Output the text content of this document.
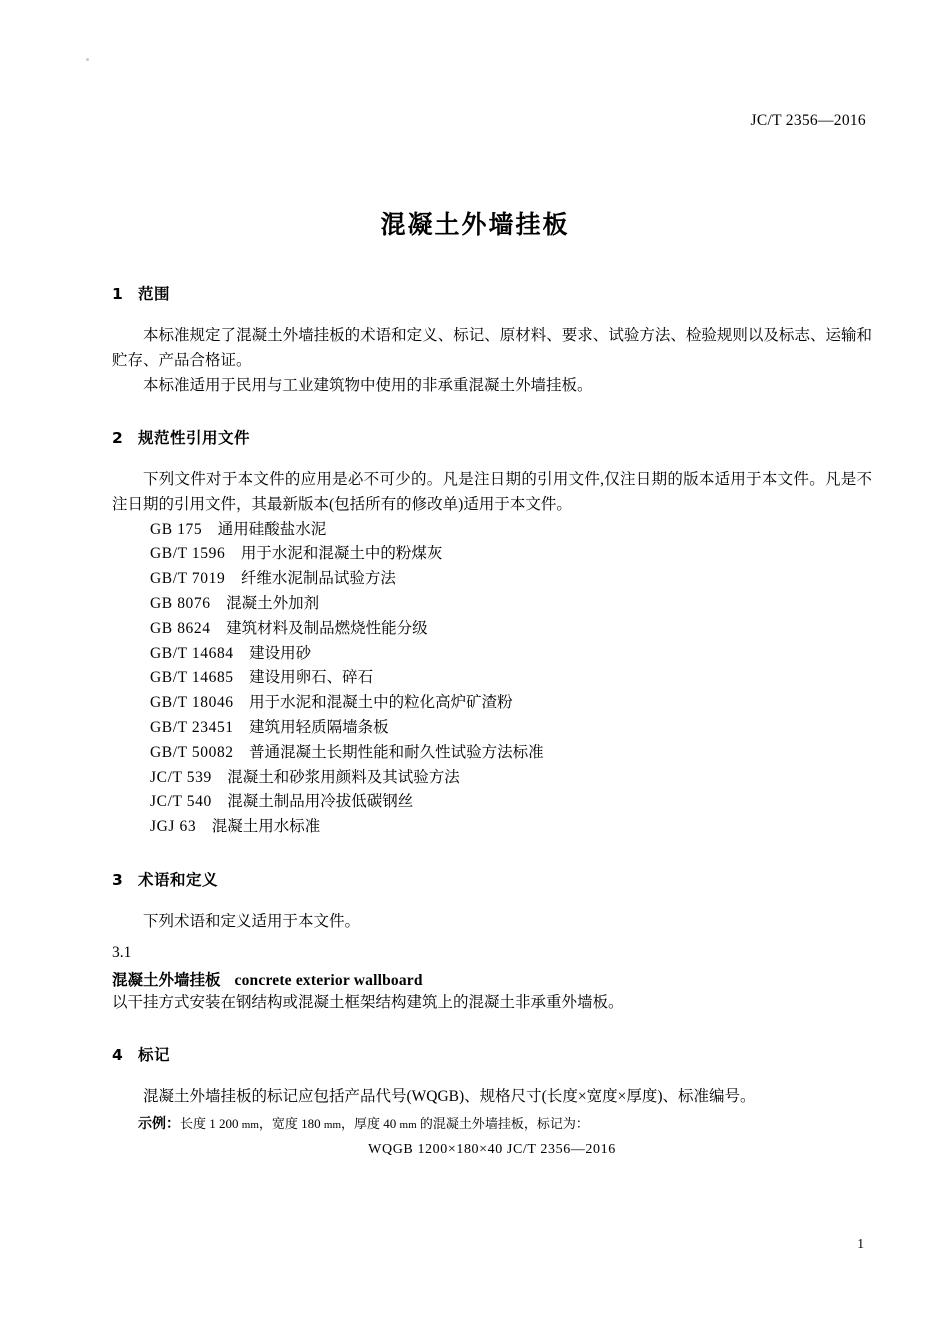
JC/T 2356—2016
混凝土外墙挂板
1 范围

本标准规定了混凝土外墙挂板的术语和定义、标记、原材料、要求、试验方法、检验规则以及标志、运输和贮存、产品合格证。

本标准适用于民用与工业建筑物中使用的非承重混凝土外墙挂板。

2 规范性引用文件

下列文件对于本文件的应用是必不可少的。凡是注日期的引用文件,仅注日期的版本适用于本文件。凡是不注日期的引用文件，其最新版本(包括所有的修改单)适用于本文件。

GB 175 通用硅酸盐水泥
GB/T 1596 用于水泥和混凝土中的粉煤灰
GB/T 7019 纤维水泥制品试验方法
GB 8076 混凝土外加剂
GB 8624 建筑材料及制品燃烧性能分级
GB/T 14684 建设用砂
GB/T 14685 建设用卵石、碎石
GB/T 18046 用于水泥和混凝土中的粒化高炉矿渣粉
GB/T 23451 建筑用轻质隔墙条板
GB/T 50082 普通混凝土长期性能和耐久性试验方法标准
JC/T 539 混凝土和砂浆用颜料及其试验方法
JC/T 540 混凝土制品用冷拔低碳钢丝
JGJ 63 混凝土用水标准
3 术语和定义

下列术语和定义适用于本文件。

3.1

混凝土外墙挂板 concrete exterior wallboard

以干挂方式安装在钢结构或混凝土框架结构建筑上的混凝土非承重外墙板。

4 标记

混凝土外墙挂板的标记应包括产品代号(WQGB)、规格尺寸(长度×宽度×厚度)、标准编号。

示例：长度 1 200 mm，宽度 180 mm，厚度 40 mm 的混凝土外墙挂板，标记为：

WQGB 1200×180×40 JC/T 2356—2016

1
